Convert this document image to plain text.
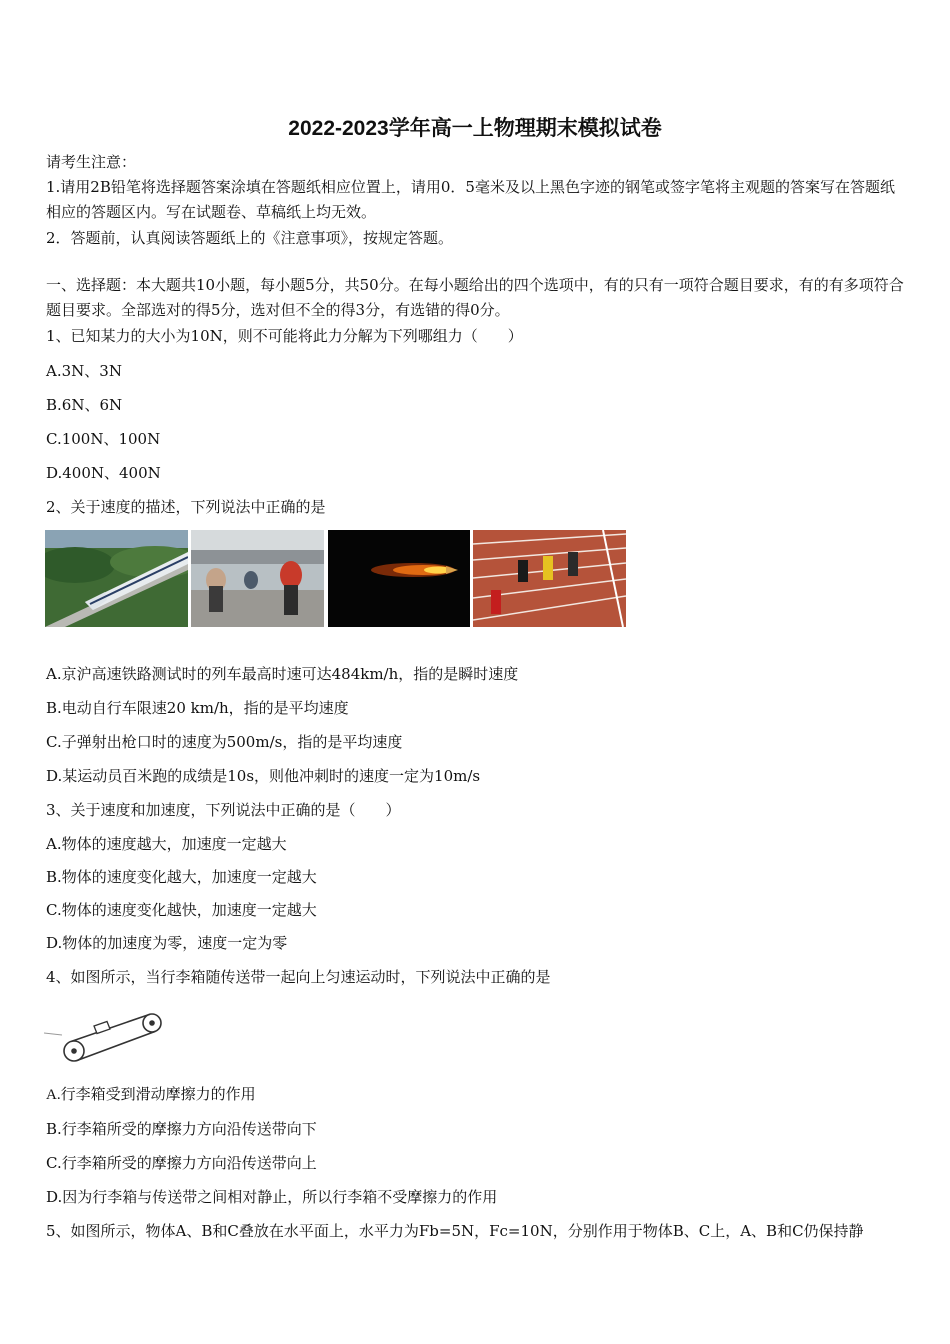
2022-2023学年高一上物理期末模拟试卷
请考生注意：
1.请用2B铅笔将选择题答案涂填在答题纸相应位置上，请用0．5毫米及以上黑色字迹的钢笔或签字笔将主观题的答案写在答题纸相应的答题区内。写在试题卷、草稿纸上均无效。
2．答题前，认真阅读答题纸上的《注意事项》，按规定答题。
一、选择题：本大题共10小题，每小题5分，共50分。在每小题给出的四个选项中，有的只有一项符合题目要求，有的有多项符合题目要求。全部选对的得5分，选对但不全的得3分，有选错的得0分。
1、已知某力的大小为10N，则不可能将此力分解为下列哪组力（　　）
A.3N、3N
B.6N、6N
C.100N、100N
D.400N、400N
2、关于速度的描述，下列说法中正确的是
A.京沪高速铁路测试时的列车最高时速可达484km/h，指的是瞬时速度
B.电动自行车限速20 km/h，指的是平均速度
C.子弹射出枪口时的速度为500m/s，指的是平均速度
D.某运动员百米跑的成绩是10s，则他冲刺时的速度一定为10m/s
3、关于速度和加速度，下列说法中正确的是（　　）
A.物体的速度越大，加速度一定越大
B.物体的速度变化越大，加速度一定越大
C.物体的速度变化越快，加速度一定越大
D.物体的加速度为零，速度一定为零
4、如图所示，当行李箱随传送带一起向上匀速运动时，下列说法中正确的是
A.行李箱受到滑动摩擦力的作用
B.行李箱所受的摩擦力方向沿传送带向下
C.行李箱所受的摩擦力方向沿传送带向上
D.因为行李箱与传送带之间相对静止，所以行李箱不受摩擦力的作用
5、如图所示，物体A、B和C叠放在水平面上，水平力为Fb=5N，Fc=10N，分别作用于物体B、C上，A、B和C仍保持静
